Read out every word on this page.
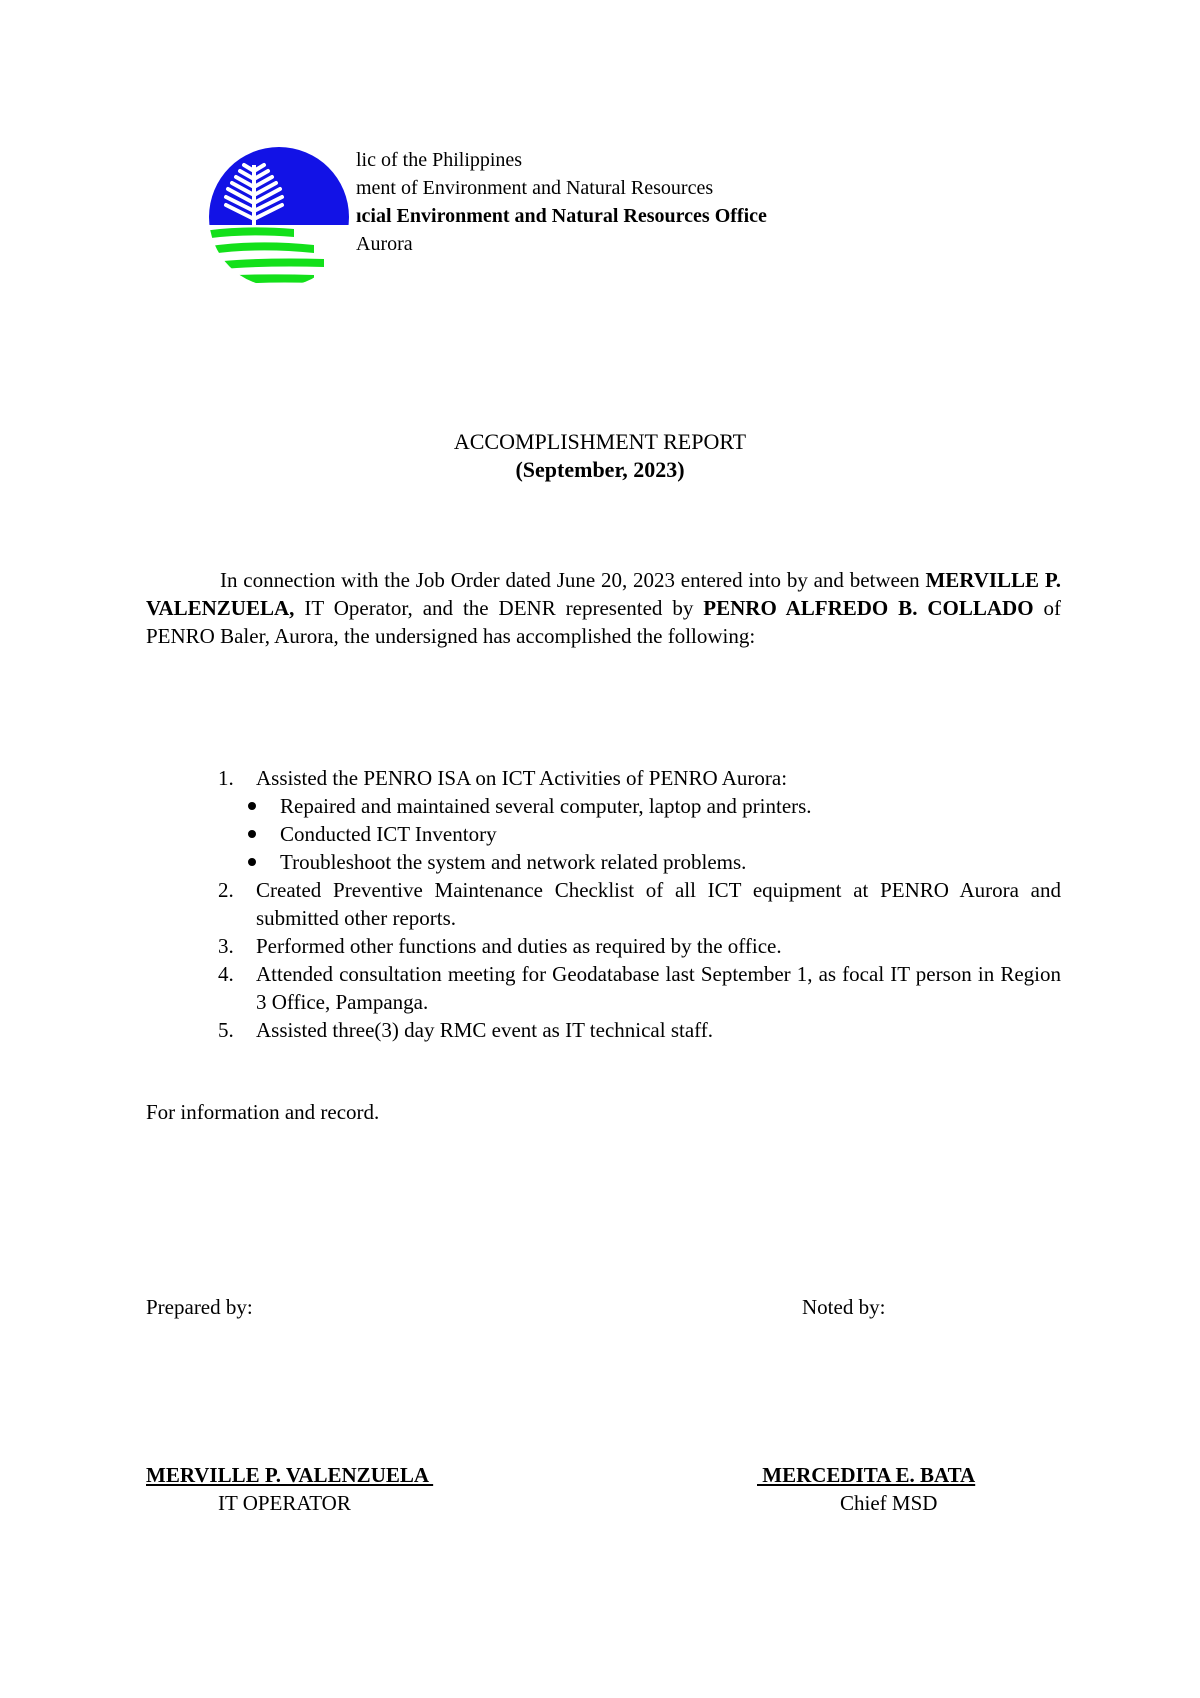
lic of the Philippines
ment of Environment and Natural Resources
ıcial Environment and Natural Resources Office
Aurora
ACCOMPLISHMENT REPORT
(September, 2023)
In connection with the Job Order dated June 20, 2023 entered into by and between MERVILLE P. VALENZUELA, IT Operator, and the DENR represented by PENRO ALFREDO B. COLLADO of PENRO Baler, Aurora, the undersigned has accomplished the following:
1. Assisted the PENRO ISA on ICT Activities of PENRO Aurora:
Repaired and maintained several computer, laptop and printers.
Conducted ICT Inventory
Troubleshoot the system and network related problems.
2. Created Preventive Maintenance Checklist of all ICT equipment at PENRO Aurora and submitted other reports.
3. Performed other functions and duties as required by the office.
4. Attended consultation meeting for Geodatabase last September 1, as focal IT person in Region 3 Office, Pampanga.
5. Assisted three(3) day RMC event as IT technical staff.
For information and record.
Prepared by:	Noted by:
MERVILLE P. VALENZUELA
IT OPERATOR
MERCEDITA E. BATA
Chief MSD
